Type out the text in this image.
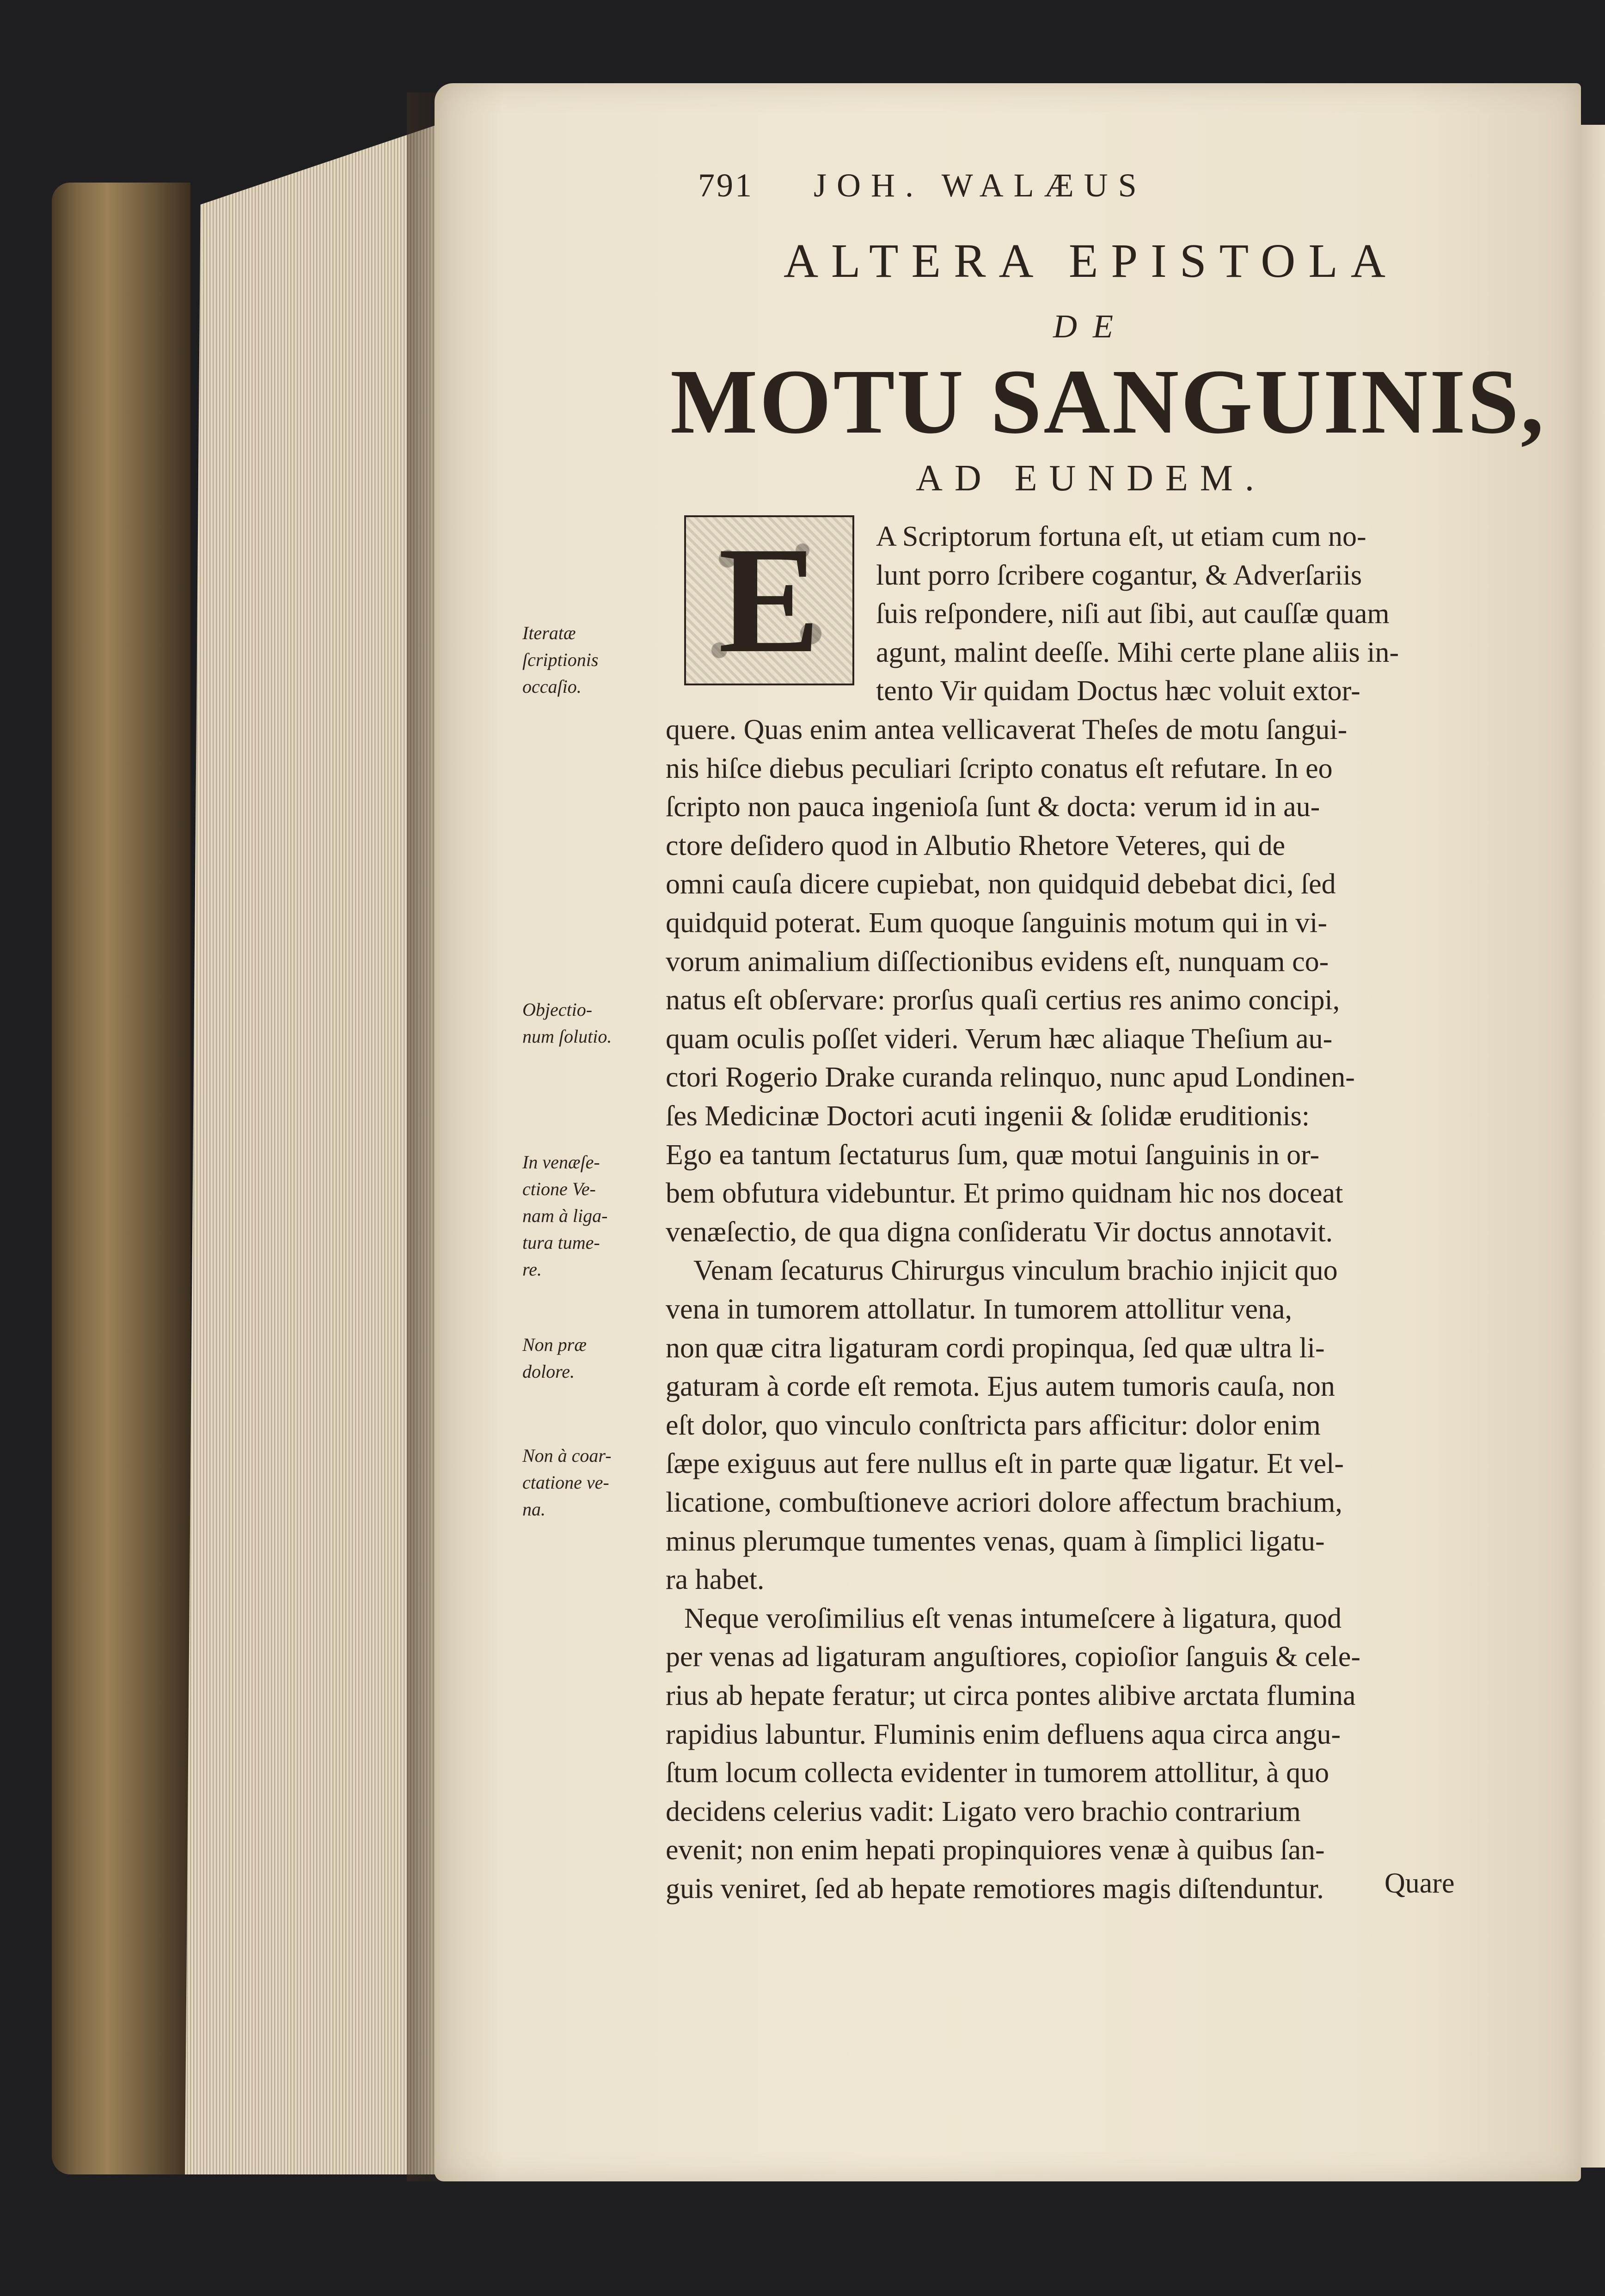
791 JOH. WALÆUS
ALTERA EPISTOLA
DE
MOTU SANGUINIS,
AD EUNDEM.
E
Iteratæ
ſcriptionis
occaſio.
Objectio-
num ſolutio.
In venæſe-
ctione Ve-
nam à liga-
tura tume-
re.
Non præ
dolore.
Non à coar-
ctatione ve-
na.
A Scriptorum fortuna eſt, ut etiam cum no-
lunt porro ſcribere cogantur, & Adverſariis
ſuis reſpondere, niſi aut ſibi, aut cauſſæ quam
agunt, malint deeſſe. Mihi certe plane aliis in-
tento Vir quidam Doctus hæc voluit extor-
quere. Quas enim antea vellicaverat Theſes de motu ſangui-
nis hiſce diebus peculiari ſcripto conatus eſt refutare. In eo
ſcripto non pauca ingenioſa ſunt & docta: verum id in au-
ctore deſidero quod in Albutio Rhetore Veteres, qui de
omni cauſa dicere cupiebat, non quidquid debebat dici, ſed
quidquid poterat. Eum quoque ſanguinis motum qui in vi-
vorum animalium diſſectionibus evidens eſt, nunquam co-
natus eſt obſervare: prorſus quaſi certius res animo concipi,
quam oculis poſſet videri. Verum hæc aliaque Theſium au-
ctori Rogerio Drake curanda relinquo, nunc apud Londinen-
ſes Medicinæ Doctori acuti ingenii & ſolidæ eruditionis:
Ego ea tantum ſectaturus ſum, quæ motui ſanguinis in or-
bem obfutura videbuntur. Et primo quidnam hic nos doceat
venæſectio, de qua digna conſideratu Vir doctus annotavit.
Venam ſecaturus Chirurgus vinculum brachio injicit quo
vena in tumorem attollatur. In tumorem attollitur vena,
non quæ citra ligaturam cordi propinqua, ſed quæ ultra li-
gaturam à corde eſt remota. Ejus autem tumoris cauſa, non
eſt dolor, quo vinculo conſtricta pars afficitur: dolor enim
ſæpe exiguus aut fere nullus eſt in parte quæ ligatur. Et vel-
licatione, combuſtioneve acriori dolore affectum brachium,
minus plerumque tumentes venas, quam à ſimplici ligatu-
ra habet.
Neque veroſimilius eſt venas intumeſcere à ligatura, quod
per venas ad ligaturam anguſtiores, copioſior ſanguis & cele-
rius ab hepate feratur; ut circa pontes alibive arctata flumina
rapidius labuntur. Fluminis enim defluens aqua circa angu-
ſtum locum collecta evidenter in tumorem attollitur, à quo
decidens celerius vadit: Ligato vero brachio contrarium
evenit; non enim hepati propinquiores venæ à quibus ſan-
guis veniret, ſed ab hepate remotiores magis diſtenduntur. Quare
